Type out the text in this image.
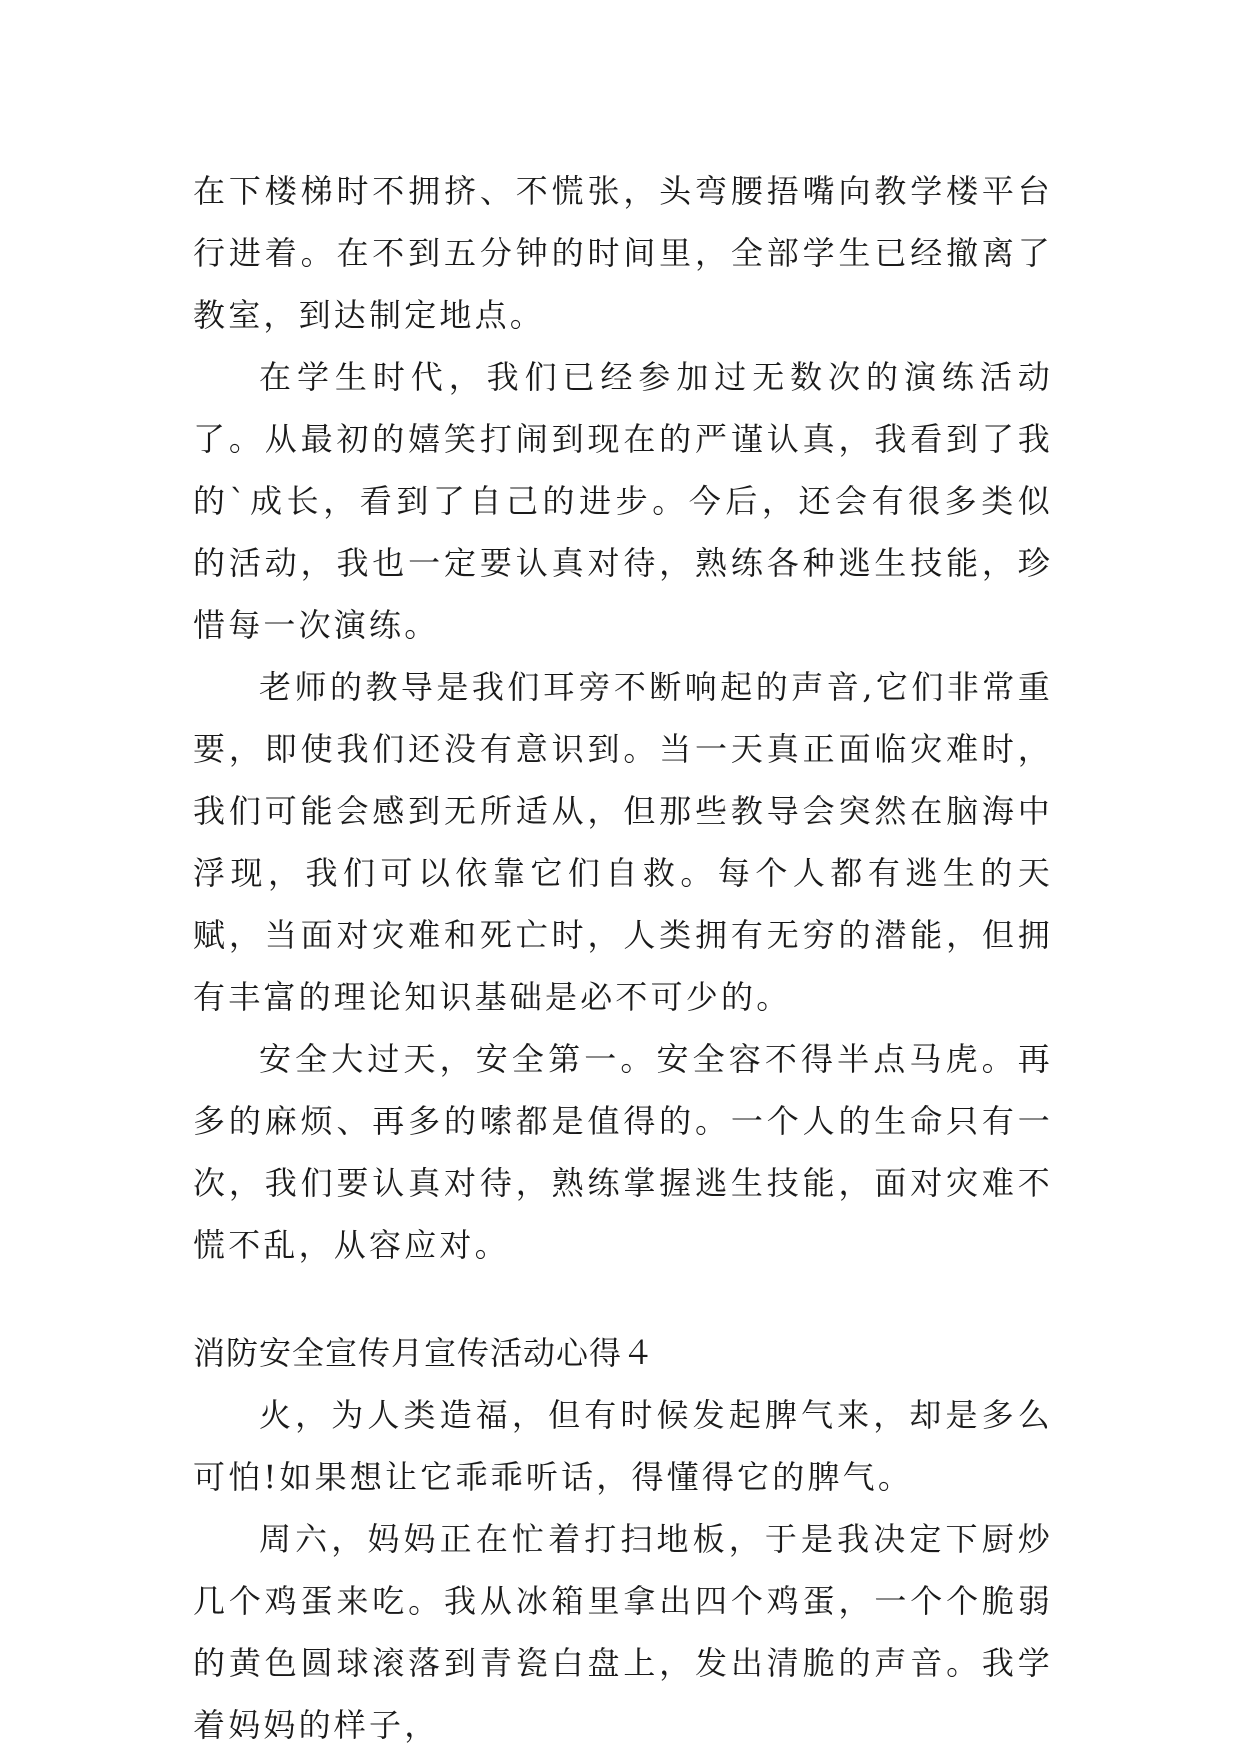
在下楼梯时不拥挤、不慌张，头弯腰捂嘴向教学楼平台行进着。在不到五分钟的时间里，全部学生已经撤离了教室，到达制定地点。

在学生时代，我们已经参加过无数次的演练活动了。从最初的嬉笑打闹到现在的严谨认真，我看到了我的`成长，看到了自己的进步。今后，还会有很多类似的活动，我也一定要认真对待，熟练各种逃生技能，珍惜每一次演练。

老师的教导是我们耳旁不断响起的声音,它们非常重要，即使我们还没有意识到。当一天真正面临灾难时，我们可能会感到无所适从，但那些教导会突然在脑海中浮现，我们可以依靠它们自救。每个人都有逃生的天赋，当面对灾难和死亡时，人类拥有无穷的潜能，但拥有丰富的理论知识基础是必不可少的。

安全大过天，安全第一。安全容不得半点马虎。再多的麻烦、再多的嗦都是值得的。一个人的生命只有一次，我们要认真对待，熟练掌握逃生技能，面对灾难不慌不乱，从容应对。

消防安全宣传月宣传活动心得４

火，为人类造福，但有时候发起脾气来，却是多么可怕!如果想让它乖乖听话，得懂得它的脾气。

周六，妈妈正在忙着打扫地板，于是我决定下厨炒几个鸡蛋来吃。我从冰箱里拿出四个鸡蛋，一个个脆弱的黄色圆球滚落到青瓷白盘上，发出清脆的声音。我学着妈妈的样子，
